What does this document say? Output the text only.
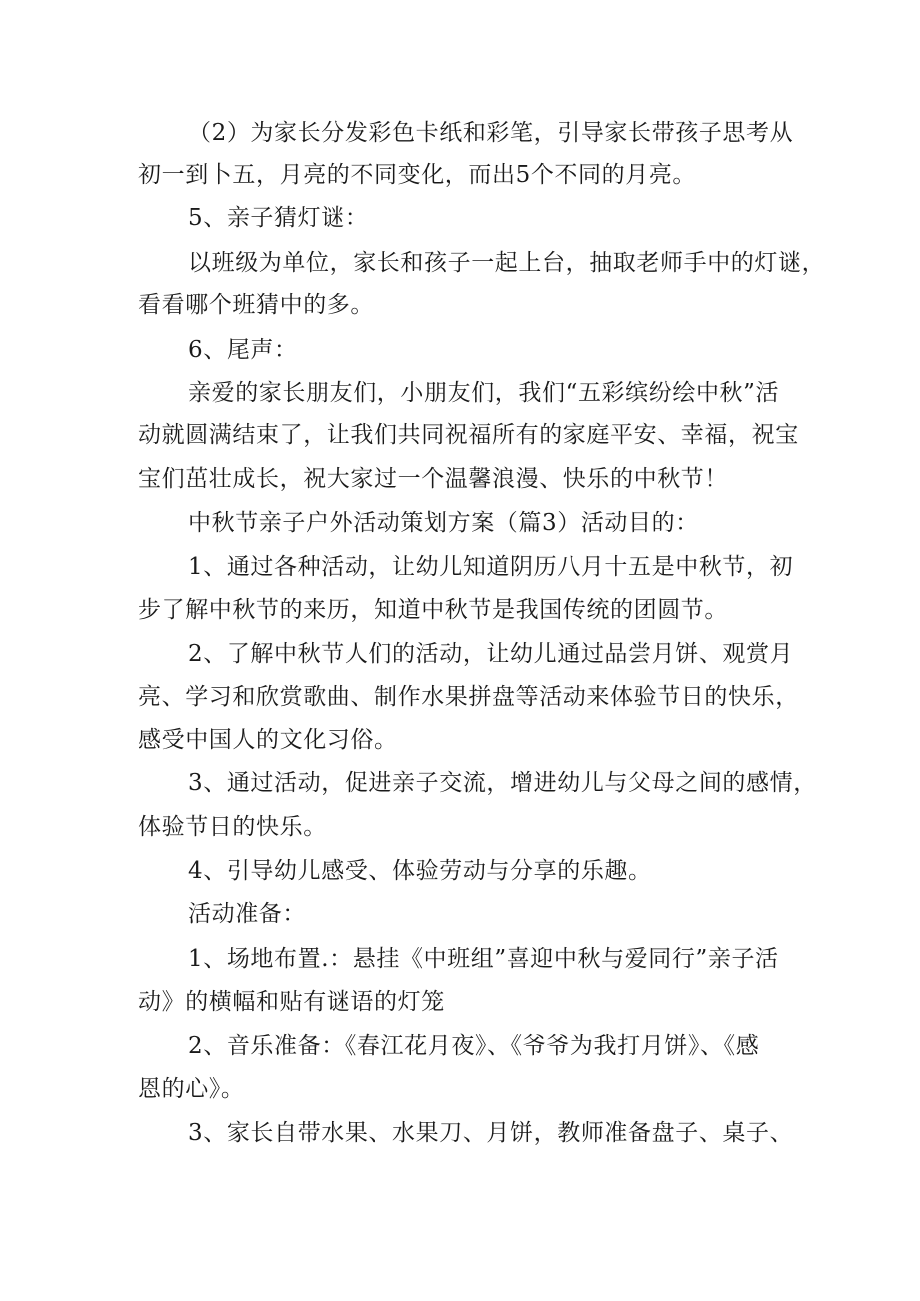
（2）为家长分发彩色卡纸和彩笔，引导家长带孩子思考从
初一到卜五，月亮的不同变化，而出5个不同的月亮。
5、亲子猜灯谜：
以班级为单位，家长和孩子一起上台，抽取老师手中的灯谜，
看看哪个班猜中的多。
6、尾声：
亲爱的家长朋友们，小朋友们，我们“五彩缤纷绘中秋”活
动就圆满结束了，让我们共同祝福所有的家庭平安、幸福，祝宝
宝们茁壮成长，祝大家过一个温馨浪漫、快乐的中秋节！
中秋节亲子户外活动策划方案（篇3）活动目的：
1、通过各种活动，让幼儿知道阴历八月十五是中秋节，初
步了解中秋节的来历，知道中秋节是我国传统的团圆节。
2、了解中秋节人们的活动，让幼儿通过品尝月饼、观赏月
亮、学习和欣赏歌曲、制作水果拼盘等活动来体验节日的快乐，
感受中国人的文化习俗。
3、通过活动，促进亲子交流，增进幼儿与父母之间的感情，
体验节日的快乐。
4、引导幼儿感受、体验劳动与分享的乐趣。
活动准备：
1、场地布置.：悬挂《中班组”喜迎中秋与爱同行”亲子活
动》的横幅和贴有谜语的灯笼
2、音乐准备：《春江花月夜》、《爷爷为我打月饼》、《感
恩的心》。
3、家长自带水果、水果刀、月饼，教师准备盘子、桌子、
